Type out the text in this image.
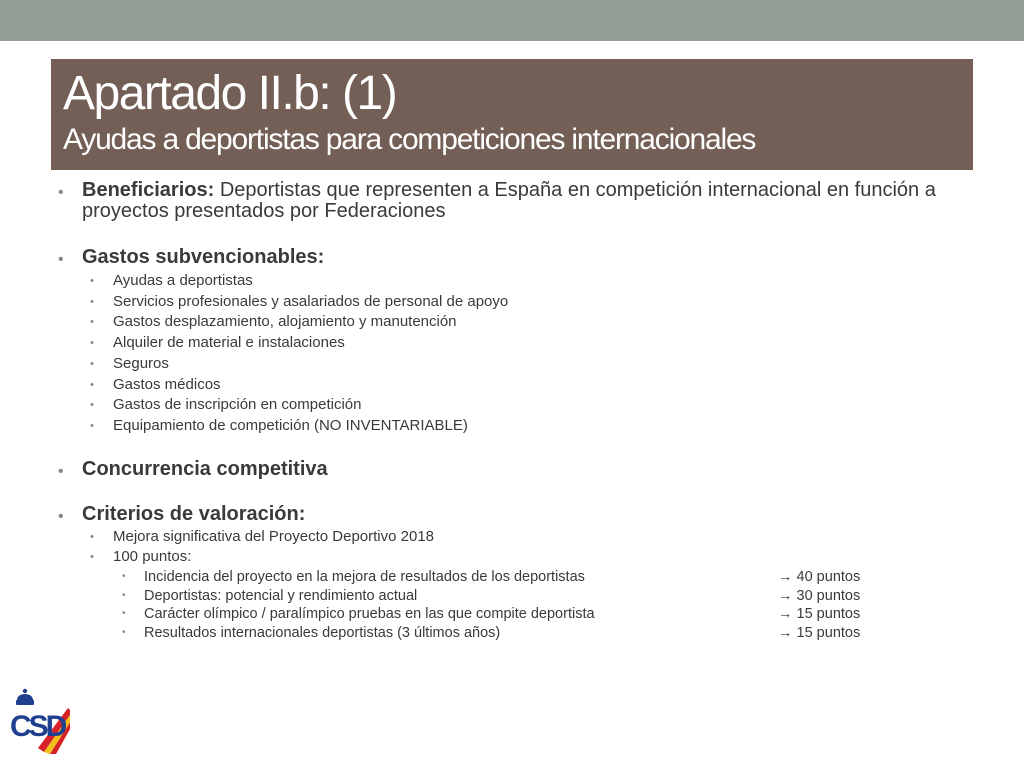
Apartado II.b: (1)
Ayudas a deportistas para competiciones internacionales
• Beneficiarios: Deportistas que representen a España en competición internacional en función a proyectos presentados por Federaciones
• Gastos subvencionables:
• Ayudas a deportistas
• Servicios profesionales y asalariados de personal de apoyo
• Gastos desplazamiento, alojamiento y manutención
• Alquiler de material e instalaciones
• Seguros
• Gastos médicos
• Gastos de inscripción en competición
• Equipamiento de competición (NO INVENTARIABLE)
• Concurrencia competitiva
• Criterios de valoración:
• Mejora significativa del Proyecto Deportivo 2018
• 100 puntos:
• Incidencia del proyecto en la mejora de resultados de los deportistas	→ 40 puntos
• Deportistas: potencial y rendimiento actual	→ 30 puntos
• Carácter olímpico / paralímpico pruebas en las que compite deportista	→ 15 puntos
• Resultados internacionales deportistas (3 últimos años)	→ 15 puntos
CSD
